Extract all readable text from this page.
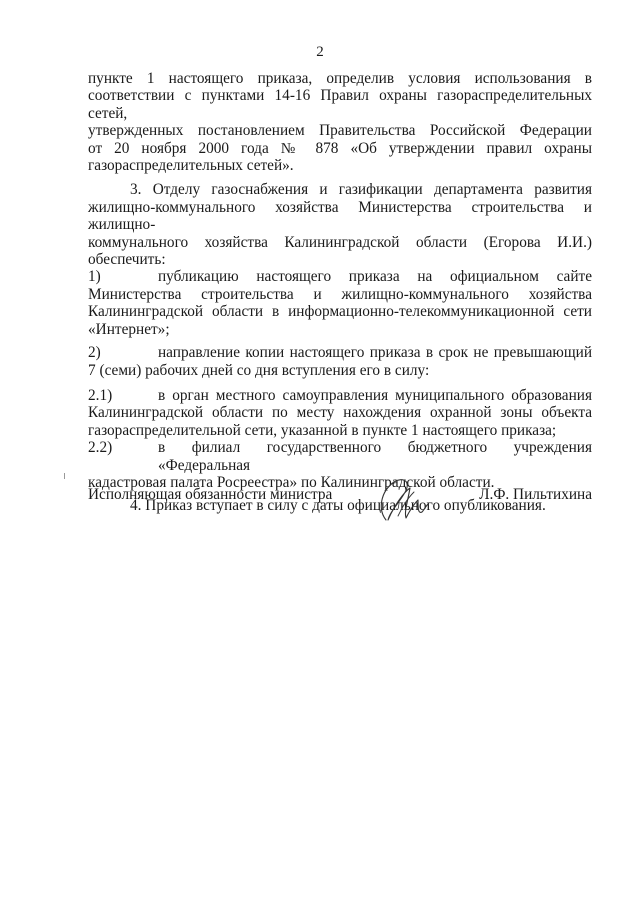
2

пункте 1 настоящего приказа, определив условия использования в

соответствии с пунктами 14-16 Правил охраны газораспределительных сетей,

утвержденных постановлением Правительства Российской Федерации

от 20 ноября 2000 года № 878 «Об утверждении правил охраны

газораспределительных сетей».

3. Отделу газоснабжения и газификации департамента развития

жилищно-коммунального хозяйства Министерства строительства и жилищно-

коммунального хозяйства Калининградской области (Егорова И.И.)

обеспечить:

1)	публикацию настоящего приказа на официальном сайте

Министерства строительства и жилищно-коммунального хозяйства

Калининградской области в информационно-телекоммуникационной сети

«Интернет»;

2)	направление копии настоящего приказа в срок не превышающий

7 (семи) рабочих дней со дня вступления его в силу:

2.1)	в орган местного самоуправления муниципального образования

Калининградской области по месту нахождения охранной зоны объекта

газораспределительной сети, указанной в пункте 1 настоящего приказа;

2.2)	в филиал государственного бюджетного учреждения «Федеральная

кадастровая палата Росреестра» по Калининградской области.

4. Приказ вступает в силу с даты официального опубликования.

Исполняющая обязанности министра	Л.Ф. Пильтихина
